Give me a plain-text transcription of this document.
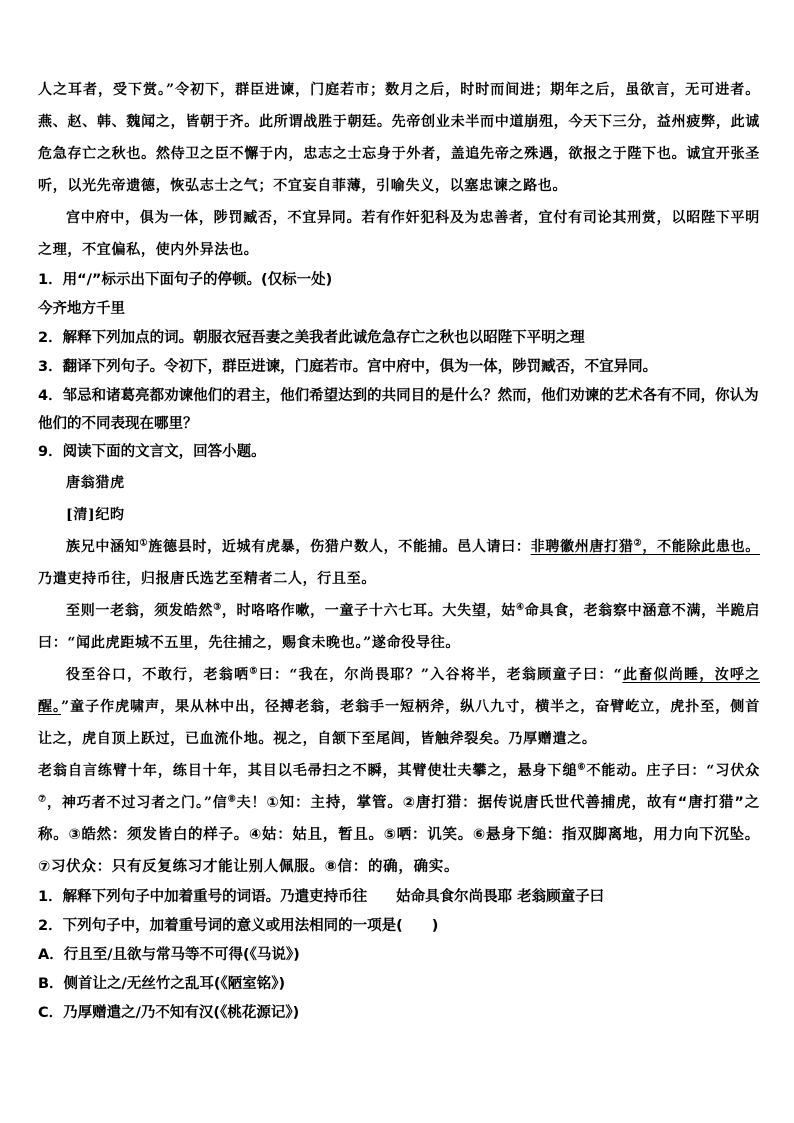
人之耳者，受下赏。”令初下，群臣进谏，门庭若市；数月之后，时时而间进；期年之后，虽欲言，无可进者。燕、赵、韩、魏闻之，皆朝于齐。此所谓战胜于朝廷。先帝创业未半而中道崩殂，今天下三分，益州疲弊，此诚危急存亡之秋也。然侍卫之臣不懈于内，忠志之士忘身于外者，盖追先帝之殊遇，欲报之于陛下也。诚宜开张圣听，以光先帝遗德，恢弘志士之气；不宜妄自菲薄，引喻失义，以塞忠谏之路也。

宫中府中，俱为一体，陟罚臧否，不宜异同。若有作奸犯科及为忠善者，宜付有司论其刑赏，以昭陛下平明之理，不宜偏私，使内外异法也。

1．用“/”标示出下面句子的停顿。(仅标一处)

今齐地方千里

2．解释下列加点的词。朝服衣冠吾妻之美我者此诚危急存亡之秋也以昭陛下平明之理

3．翻译下列句子。令初下，群臣进谏，门庭若市。宫中府中，俱为一体，陟罚臧否，不宜异同。

4．邹忌和诸葛亮都劝谏他们的君主，他们希望达到的共同目的是什么？然而，他们劝谏的艺术各有不同，你认为他们的不同表现在哪里？

9．阅读下面的文言文，回答小题。

唐翁猎虎

[清]纪昀

族兄中涵知①旌德县时，近城有虎暴，伤猎户数人，不能捕。邑人请曰：非聘徽州唐打猎②，不能除此患也。乃遣吏持币往，归报唐氏选艺至精者二人，行且至。

至则一老翁，须发皓然③，时咯咯作嗽，一童子十六七耳。大失望，姑④命具食，老翁察中涵意不满，半跪启曰：“闻此虎距城不五里，先往捕之，赐食未晚也。”遂命役导往。

役至谷口，不敢行，老翁哂⑤曰：“我在，尔尚畏耶？”入谷将半，老翁顾童子曰：“此畜似尚睡，汝呼之醒。”童子作虎啸声，果从林中出，径搏老翁，老翁手一短柄斧，纵八九寸，横半之，奋臂屹立，虎扑至，侧首让之，虎自顶上跃过，已血流仆地。视之，自颔下至尾闾，皆触斧裂矣。乃厚赠遣之。

老翁自言练臂十年，练目十年，其目以毛帚扫之不瞬，其臂使壮夫攀之，悬身下缒⑥不能动。庄子曰：“习伏众⑦，神巧者不过习者之门。”信⑧夫！①知：主持，掌管。②唐打猎：据传说唐氏世代善捕虎，故有“唐打猎”之称。③皓然：须发皆白的样子。④姑：姑且，暂且。⑤哂：讥笑。⑥悬身下缒：指双脚离地，用力向下沉坠。⑦习伏众：只有反复练习才能让别人佩服。⑧信：的确，确实。

1．解释下列句子中加着重号的词语。乃遣吏持币往   姑命具食尔尚畏耶 老翁顾童子曰

2．下列句子中，加着重号词的意义或用法相同的一项是(　　)

A．行且至/且欲与常马等不可得(《马说》)

B．侧首让之/无丝竹之乱耳(《陋室铭》)

C．乃厚赠遣之/乃不知有汉(《桃花源记》)
